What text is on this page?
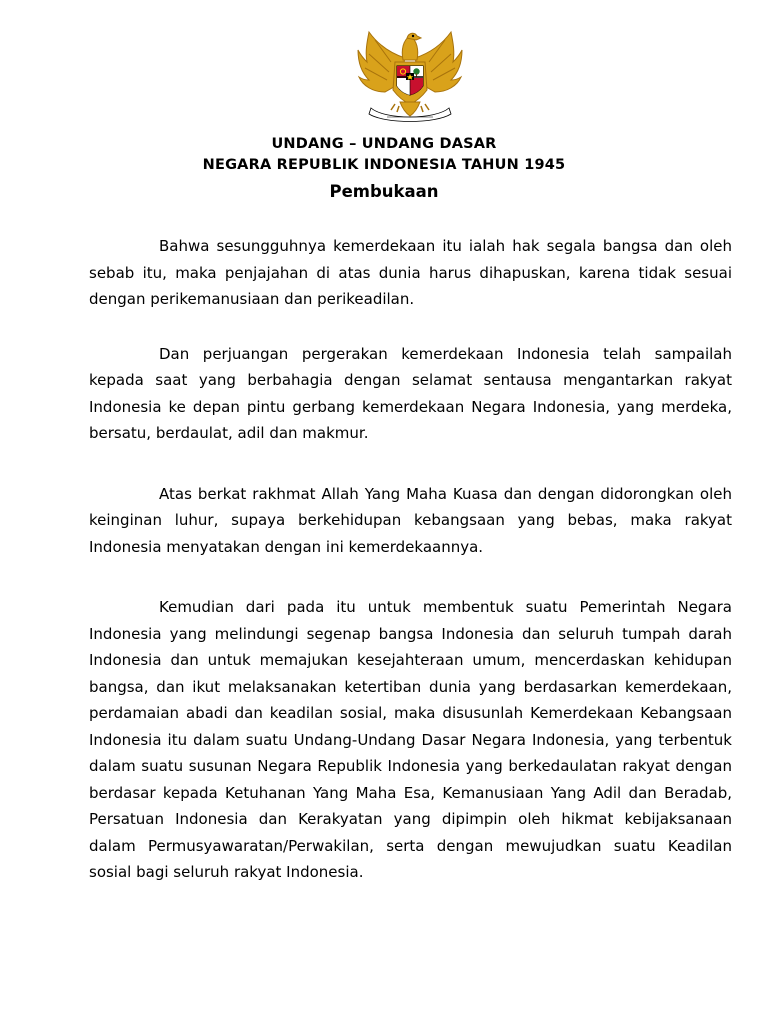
UNDANG – UNDANG DASAR
NEGARA REPUBLIK INDONESIA TAHUN 1945
Pembukaan

Bahwa sesungguhnya kemerdekaan itu ialah hak segala bangsa dan oleh sebab itu, maka penjajahan di atas dunia harus dihapuskan, karena tidak sesuai dengan perikemanusiaan dan perikeadilan.

Dan perjuangan pergerakan kemerdekaan Indonesia telah sampailah kepada saat yang berbahagia dengan selamat sentausa mengantarkan rakyat Indonesia ke depan pintu gerbang kemerdekaan Negara Indonesia, yang merdeka, bersatu, berdaulat, adil dan makmur.

Atas berkat rakhmat Allah Yang Maha Kuasa dan dengan didorongkan oleh keinginan luhur, supaya berkehidupan kebangsaan yang bebas, maka rakyat Indonesia menyatakan dengan ini kemerdekaannya.

Kemudian dari pada itu untuk membentuk suatu Pemerintah Negara Indonesia yang melindungi segenap bangsa Indonesia dan seluruh tumpah darah Indonesia dan untuk memajukan kesejahteraan umum, mencerdaskan kehidupan bangsa, dan ikut melaksanakan ketertiban dunia yang berdasarkan kemerdekaan, perdamaian abadi dan keadilan sosial, maka disusunlah Kemerdekaan Kebangsaan Indonesia itu dalam suatu Undang-Undang Dasar Negara Indonesia, yang terbentuk dalam suatu susunan Negara Republik Indonesia yang berkedaulatan rakyat dengan berdasar kepada Ketuhanan Yang Maha Esa, Kemanusiaan Yang Adil dan Beradab, Persatuan Indonesia dan Kerakyatan yang dipimpin oleh hikmat kebijaksanaan dalam Permusyawaratan/Perwakilan, serta dengan mewujudkan suatu Keadilan sosial bagi seluruh rakyat Indonesia.
